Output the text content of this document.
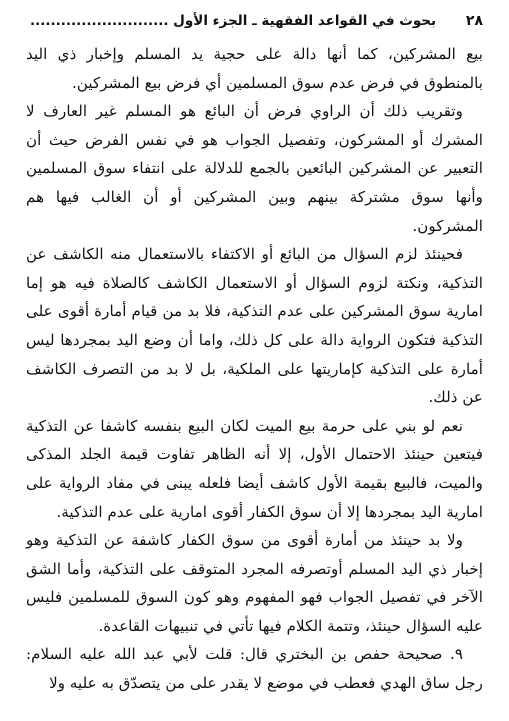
٢٨
بحوث في القواعد الفقهية ـ الجزء الأول ...........................

بيع المشركين، كما أنها دالة على حجية يد المسلم وإخبار ذي اليد بالمنطوق في فرض عدم سوق المسلمين أي فرض بيع المشركين.

وتقريب ذلك أن الراوي فرض أن البائع هو المسلم غير العارف لا المشرك أو المشركون، وتفصيل الجواب هو في نفس الفرض حيث أن التعبير عن المشركين البائعين بالجمع للدلالة على انتفاء سوق المسلمين وأنها سوق مشتركة بينهم وبين المشركين أو أن الغالب فيها هم المشركون.

فحينئذ لزم السؤال من البائع أو الاكتفاء بالاستعمال منه الكاشف عن التذكية، ونكتة لزوم السؤال أو الاستعمال الكاشف كالصلاة فيه هو إما امارية سوق المشركين على عدم التذكية، فلا بد من قيام أمارة أقوى على التذكية فتكون الرواية دالة على كل ذلك، واما أن وضع اليد بمجردها ليس أمارة على التذكية كإماريتها على الملكية، بل لا بد من التصرف الكاشف عن ذلك.

نعم لو بني على حرمة بيع الميت لكان البيع بنفسه كاشفا عن التذكية فيتعين حينئذ الاحتمال الأول، إلا أنه الظاهر تفاوت قيمة الجلد المذكى والميت، فالبيع بقيمة الأول كاشف أيضا فلعله يبنى في مفاد الرواية على امارية اليد بمجردها إلا أن سوق الكفار أقوى امارية على عدم التذكية.

ولا بد حينئذ من أمارة أقوى من سوق الكفار كاشفة عن التذكية وهو إخبار ذي اليد المسلم أوتصرفه المجرد المتوقف على التذكية، وأما الشق الآخر في تفصيل الجواب فهو المفهوم وهو كون السوق للمسلمين فليس عليه السؤال حينئذ، وتتمة الكلام فيها تأتي في تنبيهات القاعدة.

٩. صحيحة حفص بن البختري قال: قلت لأبي عبد الله عليه السلام: رجل ساق الهدي فعطب في موضع لا يقدر على من يتصدّق به عليه ولا
